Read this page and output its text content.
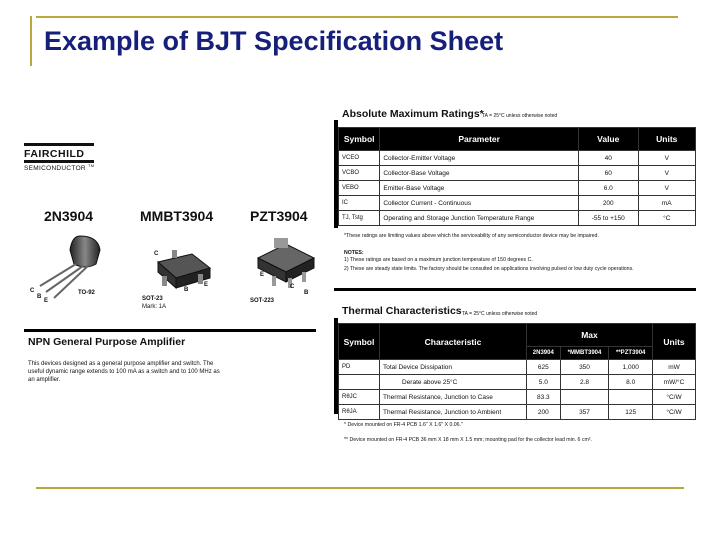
Example of BJT Specification Sheet
FAIRCHILD
SEMICONDUCTOR ™
2N3904	MMBT3904	PZT3904
C
B
E
TO-92
C
B
E
SOT-23
Mark: 1A
E
C
B
SOT-223
NPN General Purpose Amplifier
This devices designed as a general purpose amplifier and switch. The useful dynamic range extends to 100 mA as a switch and to 100 MHz as an amplifier.
Absolute Maximum Ratings*
TA = 25°C unless otherwise noted
Symbol	Parameter	Value	Units
VCEO	Collector-Emitter Voltage	40	V
VCBO	Collector-Base Voltage	60	V
VEBO	Emitter-Base Voltage	6.0	V
IC	Collector Current - Continuous	200	mA
TJ, Tstg	Operating and Storage Junction Temperature Range	-55 to +150	°C
*These ratings are limiting values above which the serviceability of any semiconductor device may be impaired.
NOTES:
1) These ratings are based on a maximum junction temperature of 150 degrees C.
2) These are steady state limits. The factory should be consulted on applications involving pulsed or low duty cycle operations.
Thermal Characteristics TA = 25°C unless otherwise noted
Symbol	Characteristic	Max			Units
		2N3904	*MMBT3904	**PZT3904	
PD	Total Device Dissipation	625	350	1,000	mW
	Derate above 25°C	5.0	2.8	8.0	mW/°C
RθJC	Thermal Resistance, Junction to Case	83.3			°C/W
RθJA	Thermal Resistance, Junction to Ambient	200	357	125	°C/W
* Device mounted on FR-4 PCB 1.6" X 1.6" X 0.06."
** Device mounted on FR-4 PCB 36 mm X 18 mm X 1.5 mm; mounting pad for the collector lead min. 6 cm².
